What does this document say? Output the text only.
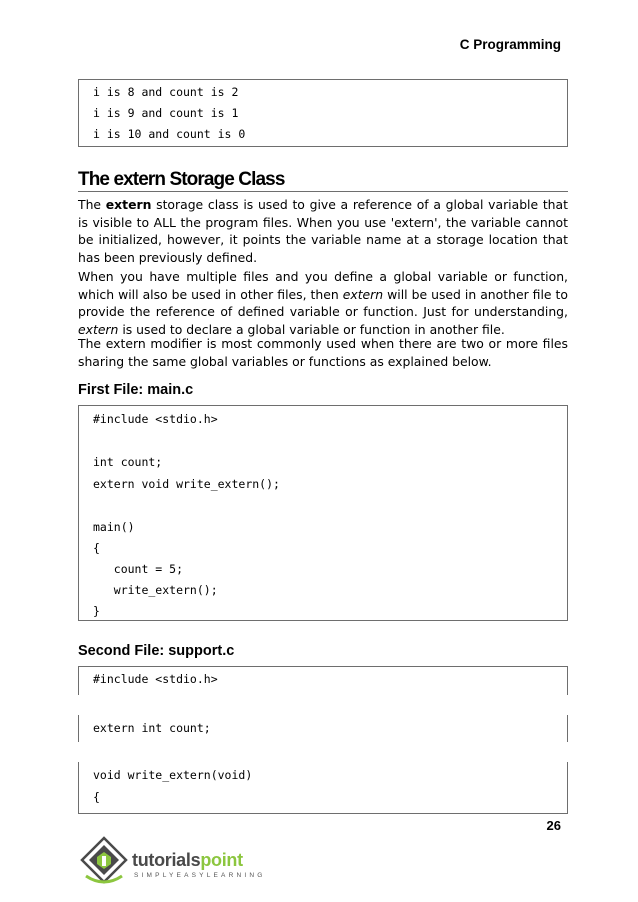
C Programming
i is 8 and count is 2
i is 9 and count is 1
i is 10 and count is 0
The extern Storage Class

The extern storage class is used to give a reference of a global variable that is visible to ALL the program files. When you use 'extern', the variable cannot be initialized, however, it points the variable name at a storage location that has been previously defined.

When you have multiple files and you define a global variable or function, which will also be used in other files, then extern will be used in another file to provide the reference of defined variable or function. Just for understanding, extern is used to declare a global variable or function in another file.

The extern modifier is most commonly used when there are two or more files sharing the same global variables or functions as explained below.

First File: main.c
#include <stdio.h>
int count;
extern void write_extern();
main()
{
count = 5;
write_extern();
}
Second File: support.c
#include <stdio.h>
extern int count;
void write_extern(void)
{
26
tutorialspoint
SIMPLYEASYLEARNING
